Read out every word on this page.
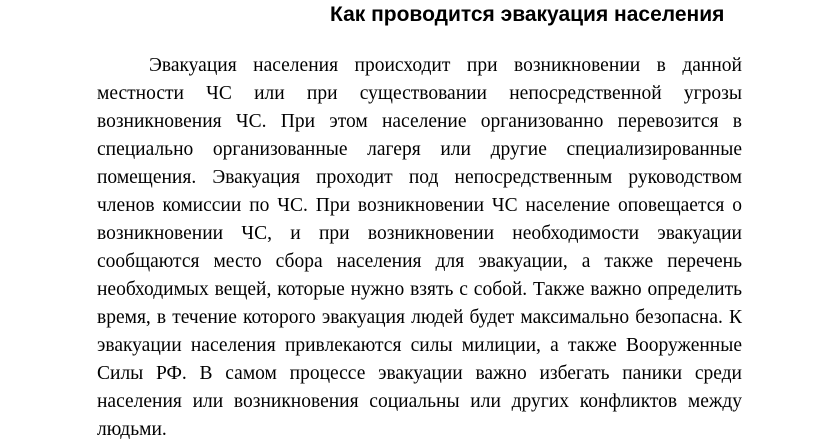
Как проводится эвакуация населения

Эвакуация населения происходит при возникновении в данной местности ЧС или при существовании непосредственной угрозы возникновения ЧС. При этом население организованно перевозится в специально организованные лагеря или другие специализированные помещения. Эвакуация проходит под непосредственным руководством членов комиссии по ЧС. При возникновении ЧС население оповещается о возникновении ЧС, и при возникновении необходимости эвакуации сообщаются место сбора населения для эвакуации, а также перечень необходимых вещей, которые нужно взять с собой. Также важно определить время, в течение которого эвакуация людей будет максимально безопасна. К эвакуации населения привлекаются силы милиции, а также Вооруженные Силы РФ. В самом процессе эвакуации важно избегать паники среди населения или возникновения социальны или других конфликтов между людьми.
